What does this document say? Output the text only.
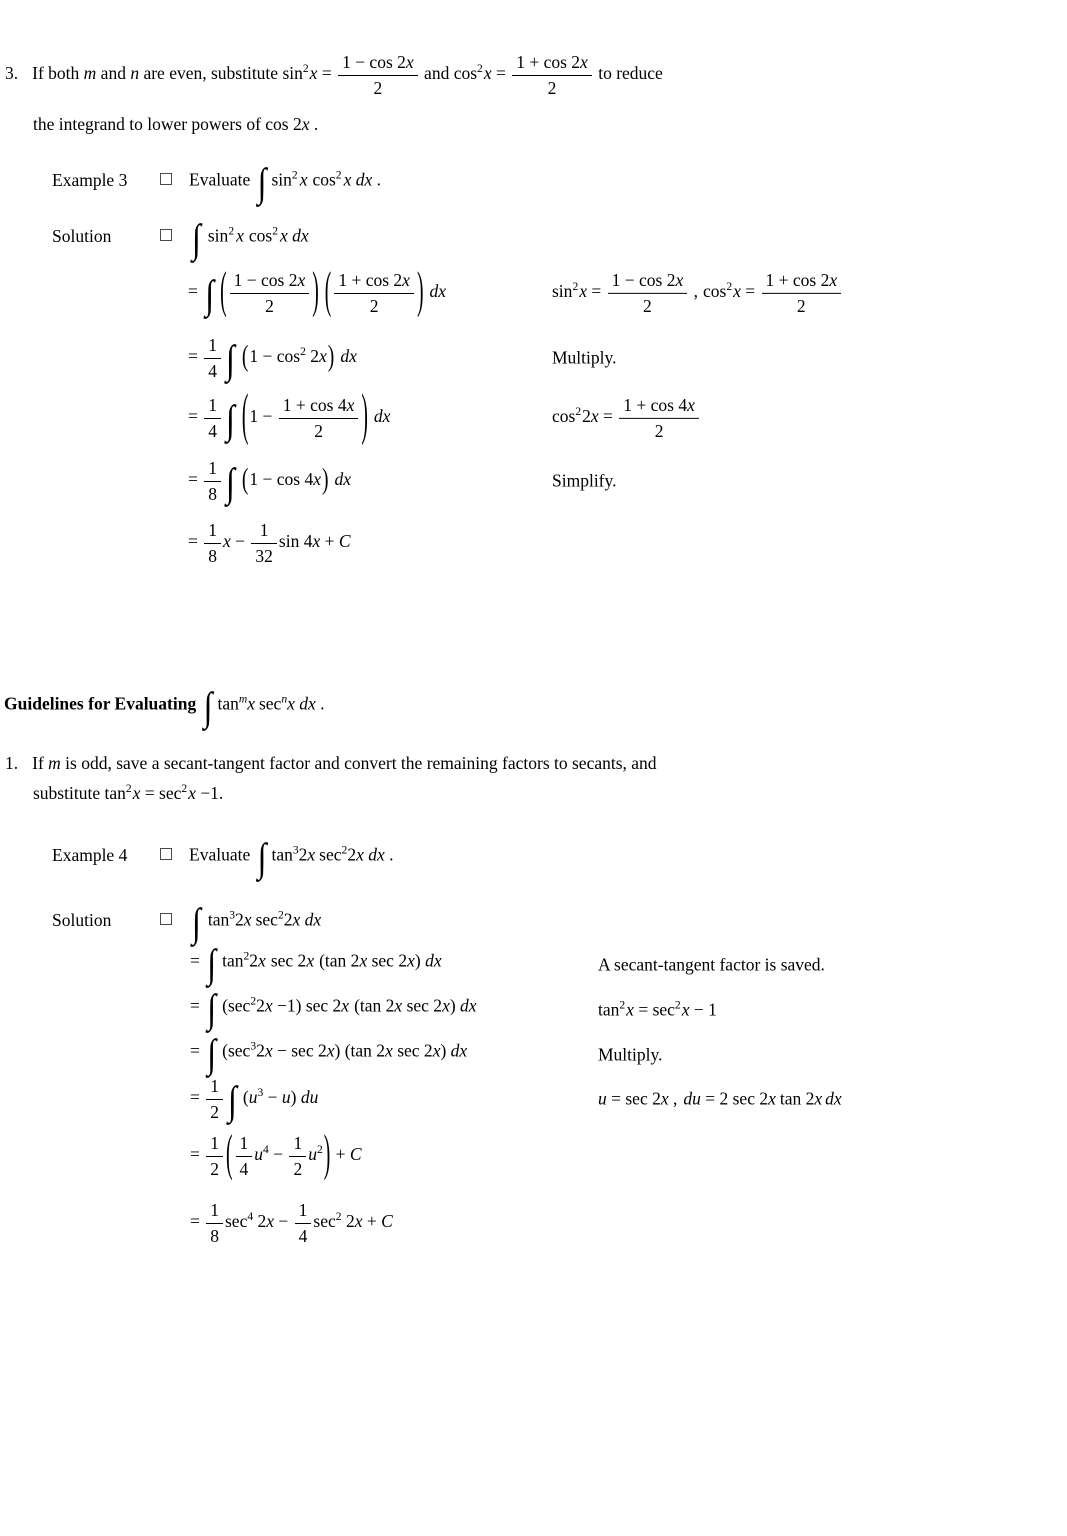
3. If both m and n are even, substitute $\sin^2x = \frac{1 - \cos 2x}{2}$ and $\cos^2x = \frac{1 + \cos 2x}{2}$ to reduce
the integrand to lower powers of cos 2x .
Example 3	Evaluate ∫ $\sin^2 x$ $\cos^2 x$ dx .
Solution ∫ $\sin^2 x$ $\cos^2 x$ dx
= ∫ ( $\frac{1 - \cos 2x}{2}$ ) ( $\frac{1 + \cos 2x}{2}$ ) dx	$\sin^2x = \frac{1 - \cos 2x}{2}$ , $\cos^2x = \frac{1 + \cos 2x}{2}$
= $\frac{1}{4}$ ∫ $(1 - \cos^2 2x)$ dx	Multiply.
= $\frac{1}{4}$ ∫ ($1 - \frac{1 + \cos 4x}{2}$ ) dx	$\cos^22x = \frac{1 + \cos 4x}{2}$
= $\frac{1}{8}$ ∫ (1 − cos 4x) dx	Simplify.
= $\frac{1}{8}$ $x - \frac{1}{32}$ sin 4x + C
Guidelines for Evaluating ∫ $\tan^mx$ $\sec^nx$ dx .
1. If m is odd, save a secant-tangent factor and convert the remaining factors to secants, and
substitute $\tan^2x = \sec^2x -1$.
Example 4	Evaluate ∫ $\tan^32x$ $\sec^22x$ dx .
Solution ∫ $\tan^32x$ $\sec^22x$ dx
= ∫ $\tan^22x$ sec 2x (tan 2x sec 2x) dx	A secant-tangent factor is saved.
= ∫ $(\sec^22x -1)$ sec 2x (tan 2x sec 2x) dx	$\tan^2x = \sec^2x - 1$
= ∫ $(\sec^32x - \sec 2x)$ (tan 2x sec 2x) dx	Multiply.
= $\frac{1}{2}$ ∫ $(u^3 - u)$ du	u = sec 2x , du = 2 sec 2x tan 2x dx
= $\frac{1}{2}$ ( $\frac{1}{4} u^4 - \frac{1}{2} u^2) + C$
= $\frac{1}{8} \sec^4 2x - \frac{1}{4} \sec^2 2x + C$
